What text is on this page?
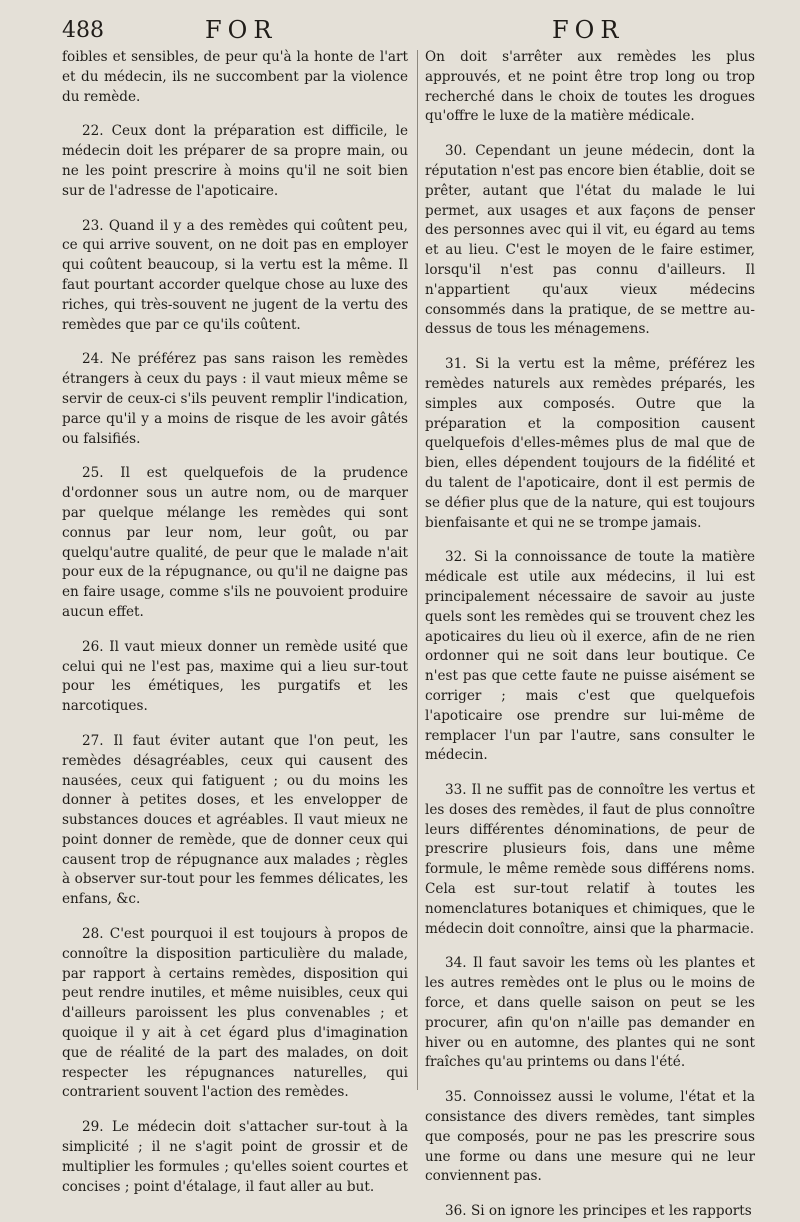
488	FOR	FOR

foibles et sensibles, de peur qu'à la honte de l'art et du médecin, ils ne succombent par la violence du remède.

22. Ceux dont la préparation est difficile, le médecin doit les préparer de sa propre main, ou ne les point prescrire à moins qu'il ne soit bien sur de l'adresse de l'apoticaire.

23. Quand il y a des remèdes qui coûtent peu, ce qui arrive souvent, on ne doit pas en employer qui coûtent beaucoup, si la vertu est la même. Il faut pourtant accorder quelque chose au luxe des riches, qui très-souvent ne jugent de la vertu des remèdes que par ce qu'ils coûtent.

24. Ne préférez pas sans raison les remèdes étrangers à ceux du pays : il vaut mieux même se servir de ceux-ci s'ils peuvent remplir l'indication, parce qu'il y a moins de risque de les avoir gâtés ou falsifiés.

25. Il est quelquefois de la prudence d'ordonner sous un autre nom, ou de marquer par quelque mélange les remèdes qui sont connus par leur nom, leur goût, ou par quelqu'autre qualité, de peur que le malade n'ait pour eux de la répugnance, ou qu'il ne daigne pas en faire usage, comme s'ils ne pouvoient produire aucun effet.

26. Il vaut mieux donner un remède usité que celui qui ne l'est pas, maxime qui a lieu sur-tout pour les émétiques, les purgatifs et les narcotiques.

27. Il faut éviter autant que l'on peut, les remèdes désagréables, ceux qui causent des nausées, ceux qui fatiguent ; ou du moins les donner à petites doses, et les envelopper de substances douces et agréables. Il vaut mieux ne point donner de remède, que de donner ceux qui causent trop de répugnance aux malades ; règles à observer sur-tout pour les femmes délicates, les enfans, &c.

28. C'est pourquoi il est toujours à propos de connoître la disposition particulière du malade, par rapport à certains remèdes, disposition qui peut rendre inutiles, et même nuisibles, ceux qui d'ailleurs paroissent les plus convenables ; et quoique il y ait à cet égard plus d'imagination que de réalité de la part des malades, on doit respecter les répugnances naturelles, qui contrarient souvent l'action des remèdes.

29. Le médecin doit s'attacher sur-tout à la simplicité ; il ne s'agit point de grossir et de multiplier les formules ; qu'elles soient courtes et concises ; point d'étalage, il faut aller au but.

On doit s'arrêter aux remèdes les plus approuvés, et ne point être trop long ou trop recherché dans le choix de toutes les drogues qu'offre le luxe de la matière médicale.

30. Cependant un jeune médecin, dont la réputation n'est pas encore bien établie, doit se prêter, autant que l'état du malade le lui permet, aux usages et aux façons de penser des personnes avec qui il vit, eu égard au tems et au lieu. C'est le moyen de le faire estimer, lorsqu'il n'est pas connu d'ailleurs. Il n'appartient qu'aux vieux médecins consommés dans la pratique, de se mettre au-dessus de tous les ménagemens.

31. Si la vertu est la même, préférez les remèdes naturels aux remèdes préparés, les simples aux composés. Outre que la préparation et la composition causent quelquefois d'elles-mêmes plus de mal que de bien, elles dépendent toujours de la fidélité et du talent de l'apoticaire, dont il est permis de se défier plus que de la nature, qui est toujours bienfaisante et qui ne se trompe jamais.

32. Si la connoissance de toute la matière médicale est utile aux médecins, il lui est principalement nécessaire de savoir au juste quels sont les remèdes qui se trouvent chez les apoticaires du lieu où il exerce, afin de ne rien ordonner qui ne soit dans leur boutique. Ce n'est pas que cette faute ne puisse aisément se corriger ; mais c'est que quelquefois l'apoticaire ose prendre sur lui-même de remplacer l'un par l'autre, sans consulter le médecin.

33. Il ne suffit pas de connoître les vertus et les doses des remèdes, il faut de plus connoître leurs différentes dénominations, de peur de prescrire plusieurs fois, dans une même formule, le même remède sous différens noms. Cela est sur-tout relatif à toutes les nomenclatures botaniques et chimiques, que le médecin doit connoître, ainsi que la pharmacie.

34. Il faut savoir les tems où les plantes et les autres remèdes ont le plus ou le moins de force, et dans quelle saison on peut se les procurer, afin qu'on n'aille pas demander en hiver ou en automne, des plantes qui ne sont fraîches qu'au printems ou dans l'été.

35. Connoissez aussi le volume, l'état et la consistance des divers remèdes, tant simples que composés, pour ne pas les prescrire sous une forme ou dans une mesure qui ne leur conviennent pas.

36. Si on ignore les principes et les rapports
